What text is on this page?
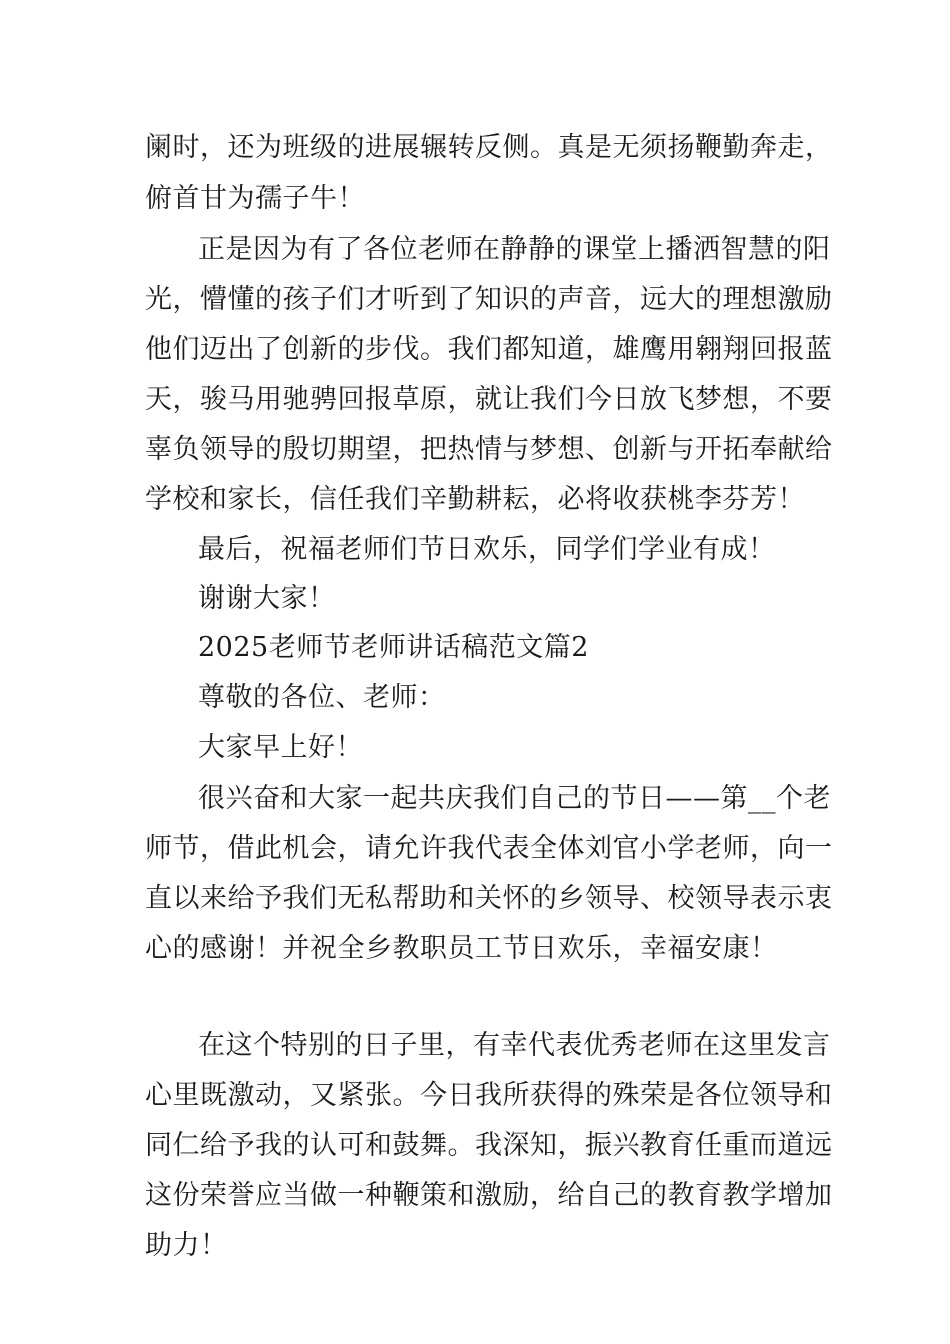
阑时，还为班级的进展辗转反侧。真是无须扬鞭勤奔走，
俯首甘为孺子牛！
正是因为有了各位老师在静静的课堂上播洒智慧的阳
光，懵懂的孩子们才听到了知识的声音，远大的理想激励
他们迈出了创新的步伐。我们都知道，雄鹰用翱翔回报蓝
天，骏马用驰骋回报草原，就让我们今日放飞梦想，不要
辜负领导的殷切期望，把热情与梦想、创新与开拓奉献给
学校和家长，信任我们辛勤耕耘，必将收获桃李芬芳！
最后，祝福老师们节日欢乐，同学们学业有成！
谢谢大家！
2025老师节老师讲话稿范文篇2
尊敬的各位、老师：
大家早上好！
很兴奋和大家一起共庆我们自己的节日——第__个老
师节，借此机会，请允许我代表全体刘官小学老师，向一
直以来给予我们无私帮助和关怀的乡领导、校领导表示衷
心的感谢！并祝全乡教职员工节日欢乐，幸福安康！
在这个特别的日子里，有幸代表优秀老师在这里发言
心里既激动，又紧张。今日我所获得的殊荣是各位领导和
同仁给予我的认可和鼓舞。我深知，振兴教育任重而道远
这份荣誉应当做一种鞭策和激励，给自己的教育教学增加
助力！
